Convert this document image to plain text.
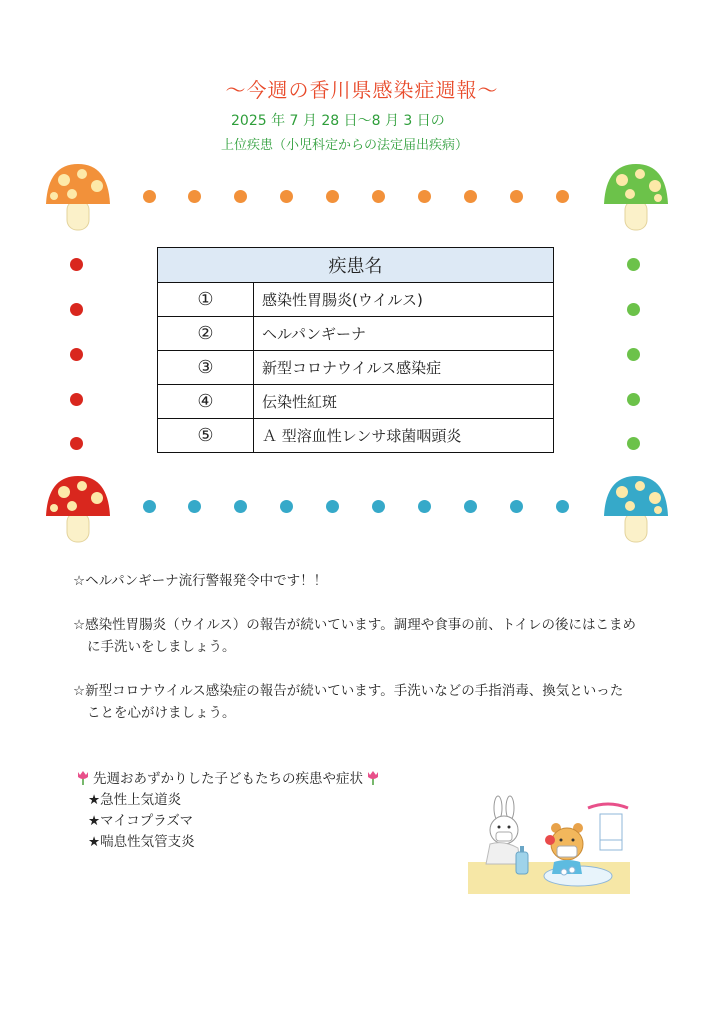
～今週の香川県感染症週報～
2025 年 7 月 28 日～8 月 3 日の
上位疾患（小児科定からの法定届出疾病）
疾患名	
①	感染性胃腸炎(ウイルス)
②	ヘルパンギーナ
③	新型コロナウイルス感染症
④	伝染性紅斑
⑤	Ａ 型溶血性レンサ球菌咽頭炎
☆ヘルパンギーナ流行警報発令中です！！
☆感染性胃腸炎（ウイルス）の報告が続いています。調理や食事の前、トイレの後にはこまめ
に手洗いをしましょう。
☆新型コロナウイルス感染症の報告が続いています。手洗いなどの手指消毒、換気といった
ことを心がけましょう。
先週おあずかりした子どもたちの疾患や症状
★急性上気道炎
★マイコプラズマ
★喘息性気管支炎
